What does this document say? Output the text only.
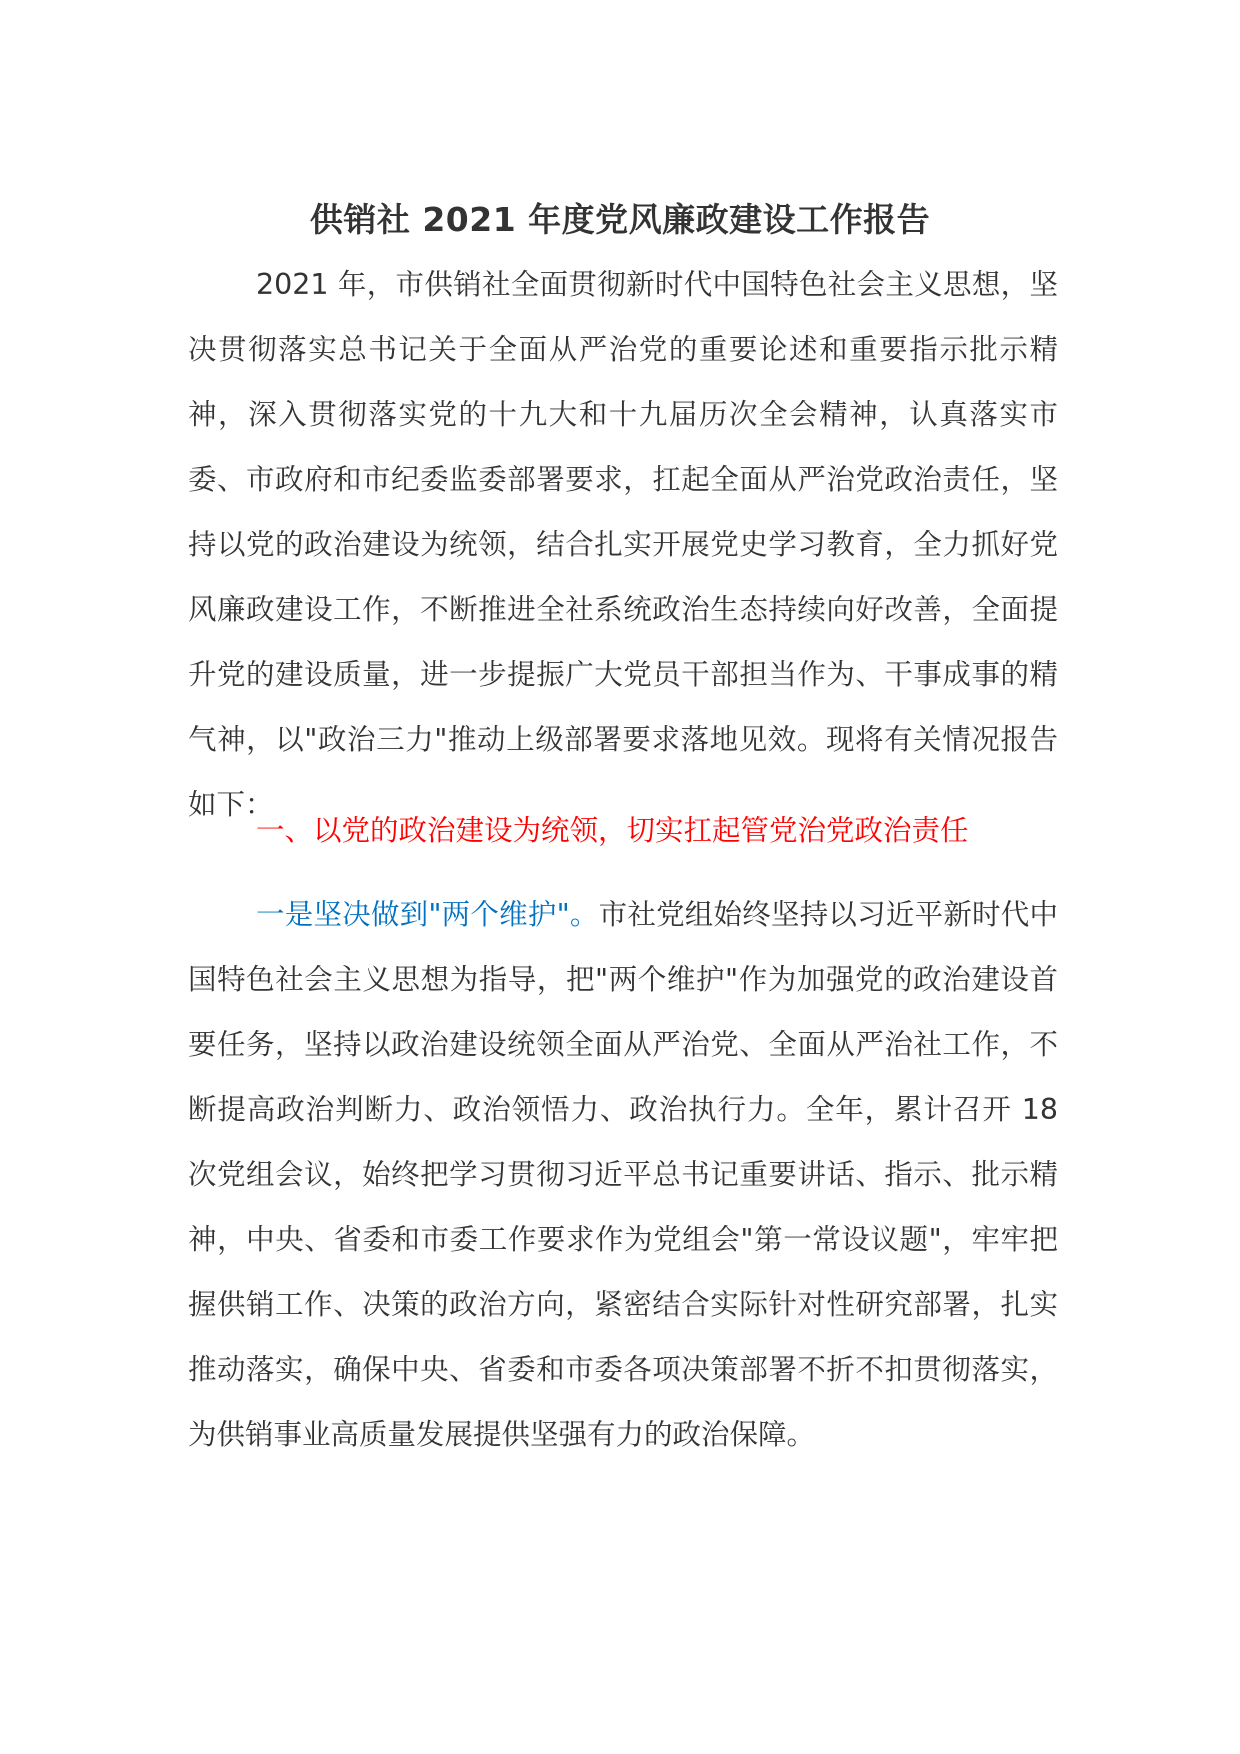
供销社 2021 年度党风廉政建设工作报告

2021 年，市供销社全面贯彻新时代中国特色社会主义思想，坚决贯彻落实总书记关于全面从严治党的重要论述和重要指示批示精神，深入贯彻落实党的十九大和十九届历次全会精神，认真落实市委、市政府和市纪委监委部署要求，扛起全面从严治党政治责任，坚持以党的政治建设为统领，结合扎实开展党史学习教育，全力抓好党风廉政建设工作，不断推进全社系统政治生态持续向好改善，全面提升党的建设质量，进一步提振广大党员干部担当作为、干事成事的精气神，以"政治三力"推动上级部署要求落地见效。现将有关情况报告如下：

一、以党的政治建设为统领，切实扛起管党治党政治责任

一是坚决做到"两个维护"。市社党组始终坚持以习近平新时代中国特色社会主义思想为指导，把"两个维护"作为加强党的政治建设首要任务，坚持以政治建设统领全面从严治党、全面从严治社工作，不断提高政治判断力、政治领悟力、政治执行力。全年，累计召开 18 次党组会议，始终把学习贯彻习近平总书记重要讲话、指示、批示精神，中央、省委和市委工作要求作为党组会"第一常设议题"，牢牢把握供销工作、决策的政治方向，紧密结合实际针对性研究部署，扎实推动落实，确保中央、省委和市委各项决策部署不折不扣贯彻落实，为供销事业高质量发展提供坚强有力的政治保障。
